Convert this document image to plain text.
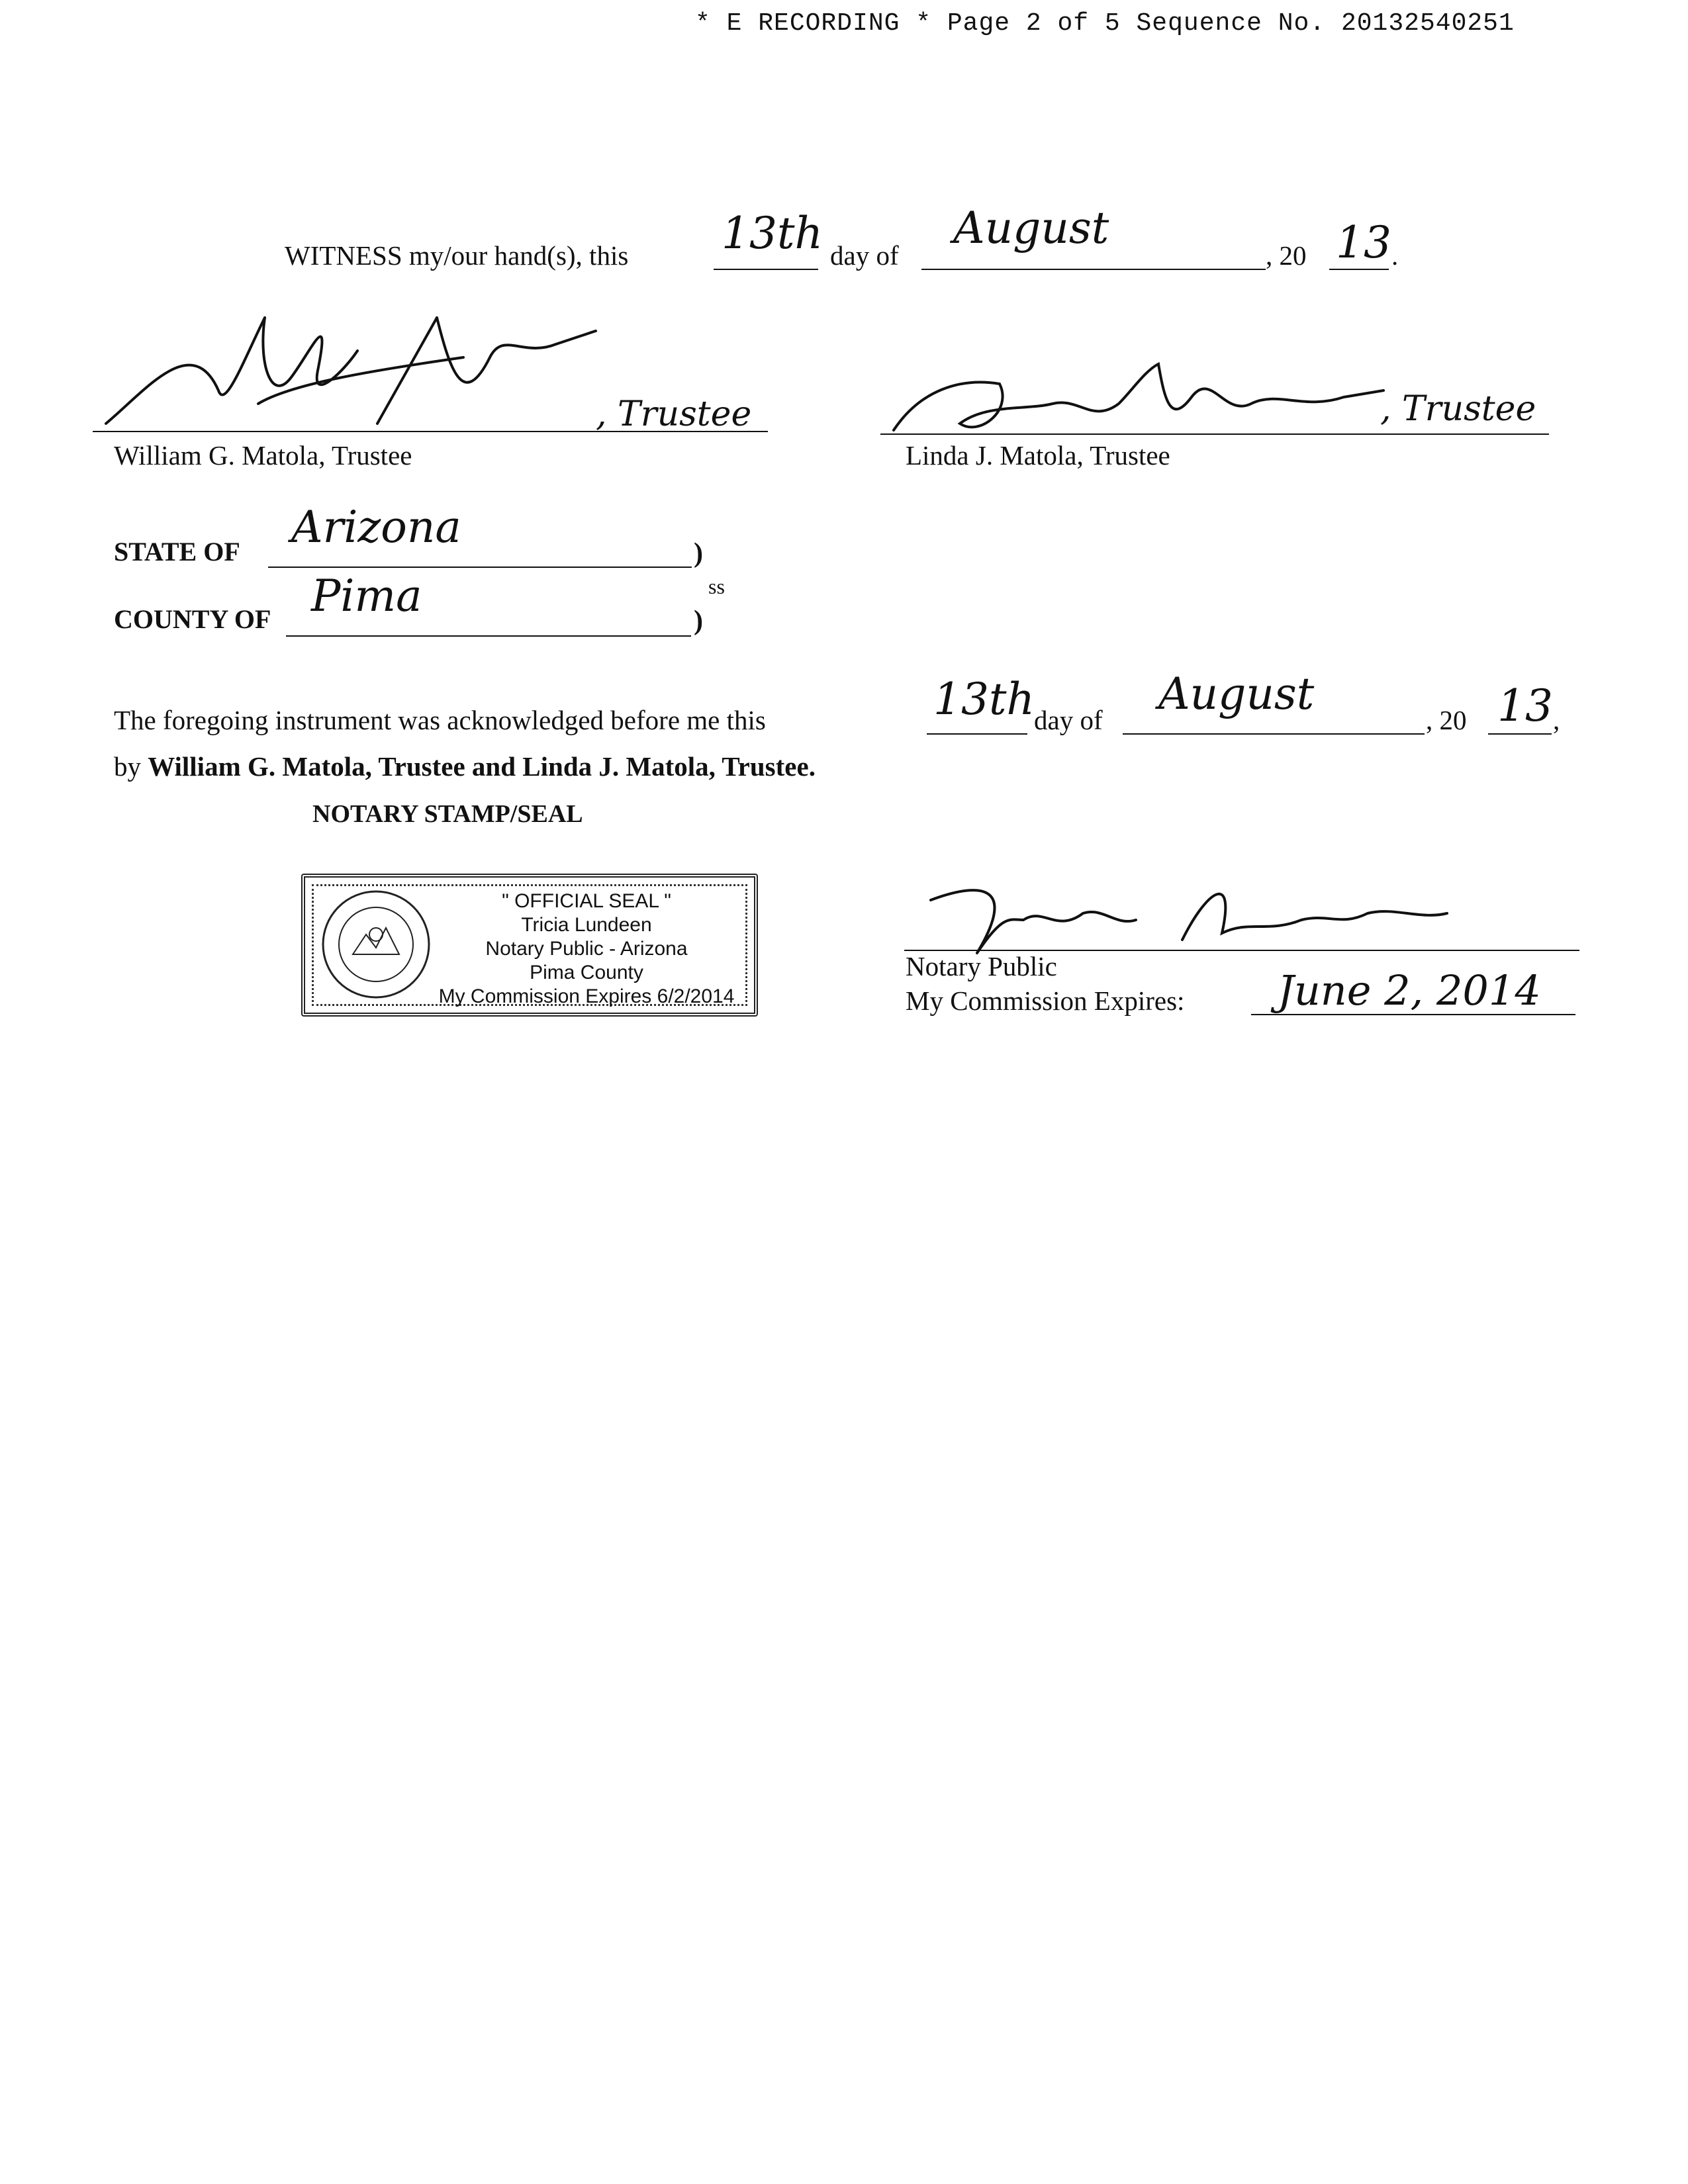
* E RECORDING * Page 2 of 5 Sequence No. 20132540251
WITNESS my/our hand(s), this 13th day of
August
, 20 13 .
, Trustee
William G. Matola, Trustee
, Trustee
Linda J. Matola, Trustee
STATE OF Arizona
)
COUNTY OF Pima	)
ss
The foregoing instrument was acknowledged before me this	13th
day of
August
, 20 13 ,
by William G. Matola, Trustee and Linda J. Matola, Trustee.
NOTARY STAMP/SEAL
" OFFICIAL SEAL "
Tricia Lundeen
Notary Public - Arizona
Pima County
My Commission Expires 6/2/2014
Notary Public
My Commission Expires: June 2, 2014
